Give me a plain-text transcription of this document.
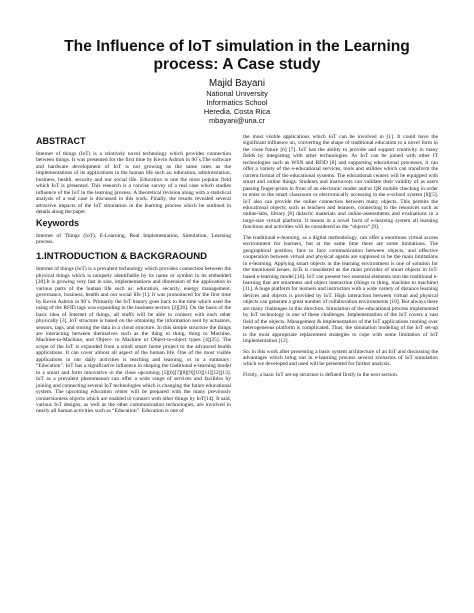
The Influence of IoT simulation in the Learning process: A Case study
Majid Bayani
National University
Informatics School
Heredia, Costa Rica
mbayani@una.cr
ABSTRACT

Internet of things (IoT) is a relatively novel technology which provides connection between things. It was presented for the first time by Kevin Ashton in 90´s.The software and hardware development of IoT is not growing as the same rates as the implementations of its applications in the human life such as: education, administration, business, health, security and our social life. Education is one the most popular field which IoT is presented. This research is a concise survey of a real case which studies influence of the IoT in the learning process. A theoretical revision along with a statistical analysis of a real case is discussed in this work. Finally, the results revealed several attractive impacts of the IoT simulation in the learning process which be outlined in details along the paper.

Keywords

Internet of Things (IoT), E-Learning, Real Implementation, Simulation, Learning process.

1.INTRODUCTION & BACKGRAOUND

Internet of things (IoT) is a prevalent technology which provides connection between the physical things which is uniquely identifiable by its name or symbol in its embedded [30].It is growing very fast in size, implementations and dimension of the application in various parts of the human life such as: education, security, energy management, governance, business, health and our social life [1]. It was pronounced for the first time by Kevin Ashton in 90´s. Primarily the IoT history goes back to the time which used the using of the RFID tags was expanding in the business sectors [2][26]. On the basis of the basic idea of Internet of things, all stuffs will be able to connect with each other physically [3]. IoT structure is based on the obtaining the information sent by actuators, sensors, tags, and storing the data in a cloud structure. In this simple structure the things are interacting between themselves such as the thing to thing, thing to Machine, Machine-to-Machine, and Object- to Machine or Object-to-object types [4][25]. The scope of the IoT is expanded from a small smart home project to the advanced health applications. It can cover almost all aspect of the human life. One of the most visible applications in our daily activities is teaching and learning, or in a summary: “Education”. IoT has a significative influence in shaping the traditional e-learning model to a smart and form innovative in the close upcoming [5][6][7][8][9][10][11][12][13]. IoT as a prevalent phenomenon can offer a wide range of services and facilities by joining and connecting several IoT technologies which is changing the future educational system. The upcoming education center will be prepared with the many previously connectionless objects which are enabled to connect with other things by IoT[14]. It said, various IoT designs, as well as the other communication technologies, are involved in nearly all human activities such as “Education”. Education is one of

the most visible applications which IoT can be involved in [1]. It could have the significant influence on, converting the shape of traditional education to a novel form in the close future [6] [7]. IoT has the ability to provide and support creativity in many fields by integrating with other technologies. As IoT can be joined with other IT technologies such as WSN and RFID [8] and supporting educational processes, it can offer a variety of the e-educational services, tools and utilities which can transform the current format of the educational systems. The educational centers will be equipped with smart and online things. Students and instructors can validate their validity of as users passing finger-prints in front of an electronic reader and/or QR mobile checking in order to enter to the smart classroom or electronically accessing to the e-school system [8][5]. IoT also can provide the online connection between many objects. This permits the educational objects, such as teachers and learners, connecting to the resources such as online-labs, library [8] didactic materials and online-assessments and evaluations in a large-size virtual platform. It means in a novel form of e-learning system all learning functions and activities will be considered as the “objects” [9].

The traditional e-learning, as a digital methodology, can offer a enormous virtual access environment for learners, but at the same time there are some limitations. The geographical position, face to face communication between objects, and effective cooperation between virtual and physical agents are supposed to be the main limitations in e-learning. Applying smart objects in the learning environment is one of solution for the mentioned issues. IoTs is considered as the main provider of smart objects in IoT-based e-learning model [10]. IoT can present two essential elements into the traditional e-learning that are smartness and object interaction (things to thing, machine to machine) [11]. A huge platform for learners and instructors with a wide variety of distance learning devices and objects is provided by IoT. High interaction between virtual and physical objects can generate a great number of collaboration environments [10]. But always there are many challenges in this direction. Simulation of the educational process implemented by IoT technology is one of these challenges. Implementation of the IoT covers a vast field of the objects. Management & implementation of the IoT applications running over heterogeneous platform is complicated. Thus, the simulation modeling of the IoT set-up is the most appropriate replacement strategies to cope with some limitation of IoT implementation [12].

So, in this work after presenting a basic system architecture of an IoT and discussing the advantages which bring out in e-learning process several scenarios of IoT simulation which we developed and used will be presented for further analysis.

Firstly, a basic IoT set-up structure is defined firstly in the next section.
